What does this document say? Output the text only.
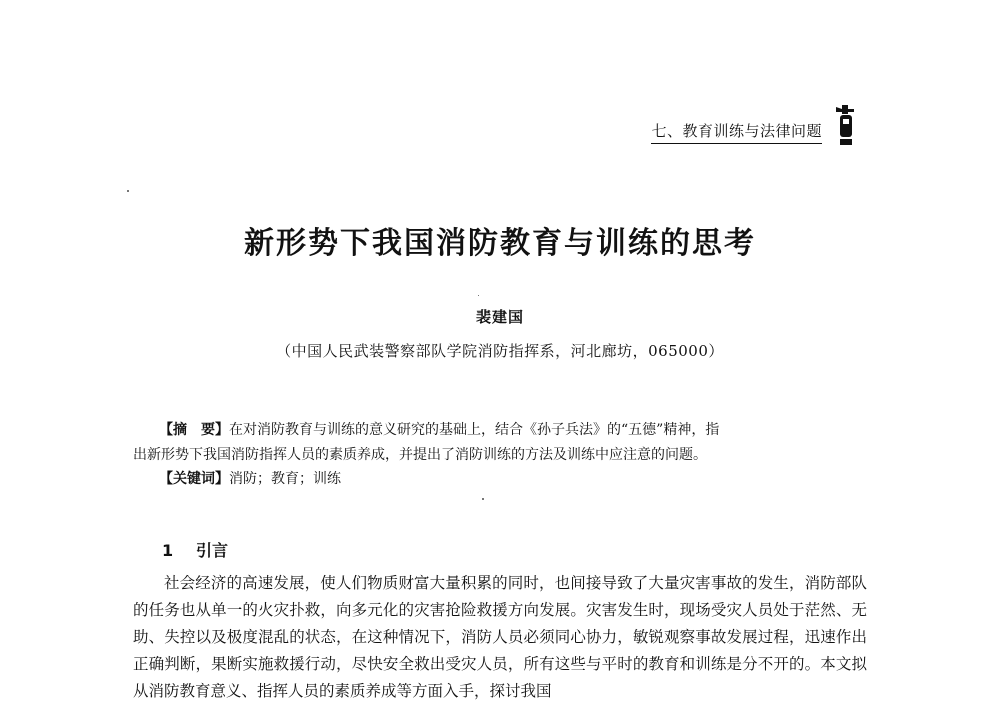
七、教育训练与法律问题
新形势下我国消防教育与训练的思考
裴建国
（中国人民武装警察部队学院消防指挥系，河北廊坊，065000）
【摘　要】在对消防教育与训练的意义研究的基础上，结合《孙子兵法》的“五德”精神，指
出新形势下我国消防指挥人员的素质养成，并提出了消防训练的方法及训练中应注意的问题。
【关键词】消防；教育；训练
1 引言

社会经济的高速发展，使人们物质财富大量积累的同时，也间接导致了大量灾害事故的发生，消防部队的任务也从单一的火灾扑救，向多元化的灾害抢险救援方向发展。灾害发生时，现场受灾人员处于茫然、无助、失控以及极度混乱的状态，在这种情况下，消防人员必须同心协力，敏锐观察事故发展过程，迅速作出正确判断，果断实施救援行动，尽快安全救出受灾人员，所有这些与平时的教育和训练是分不开的。本文拟从消防教育意义、指挥人员的素质养成等方面入手，探讨我国
